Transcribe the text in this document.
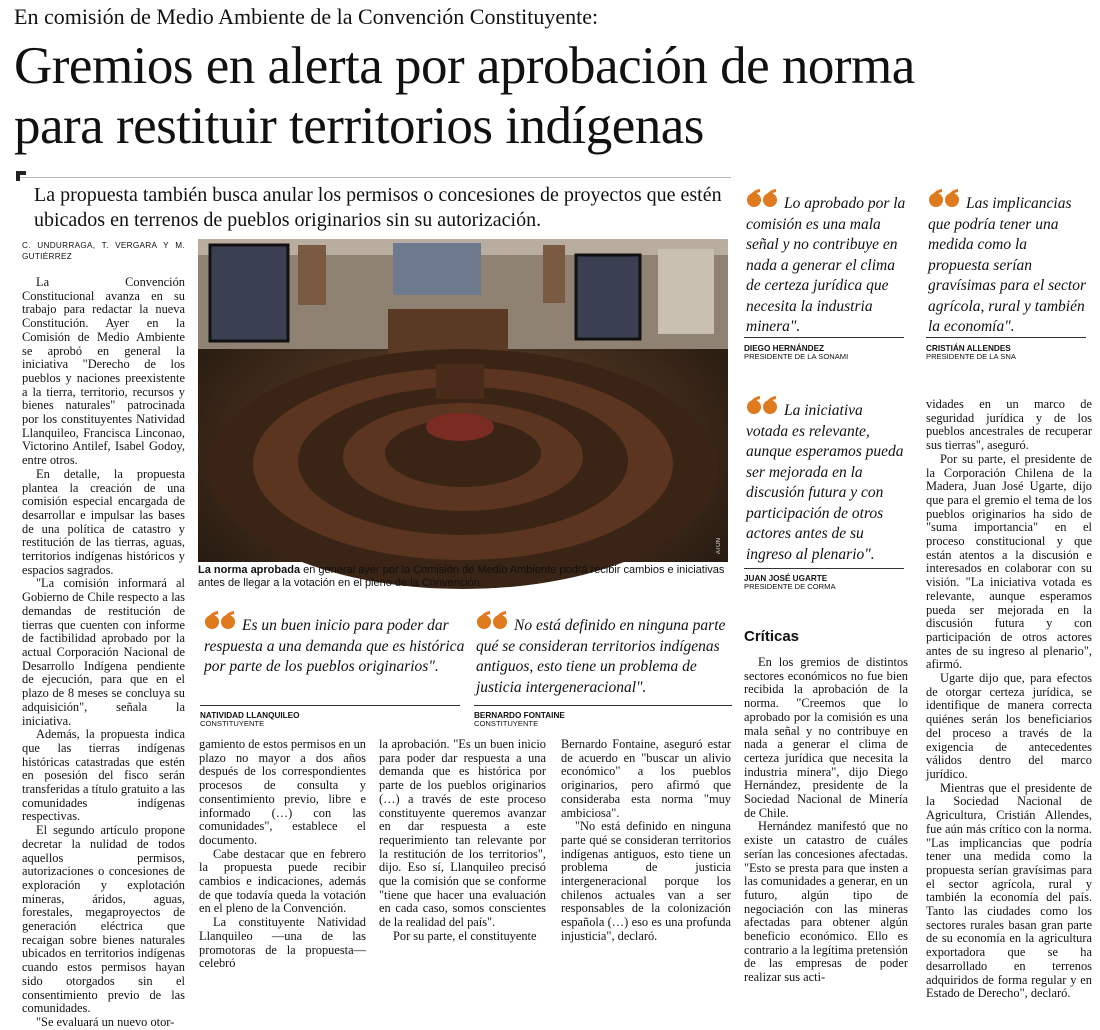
En comisión de Medio Ambiente de la Convención Constituyente:
Gremios en alerta por aprobación de norma
para restituir territorios indígenas
La propuesta también busca anular los permisos o concesiones de proyectos que estén ubicados en terrenos de pueblos originarios sin su autorización.
C. UNDURRAGA, T. VERGARA Y M. GUTIÉRREZ

La Convención Constitucional avanza en su trabajo para redactar la nueva Constitución. Ayer en la Comisión de Medio Ambiente se aprobó en general la iniciativa "Derecho de los pueblos y naciones preexistente a la tierra, territorio, recursos y bienes naturales" patrocinada por los constituyentes Natividad Llanquileo, Francisca Linconao, Victorino Antilef, Isabel Godoy, entre otros.

En detalle, la propuesta plantea la creación de una comisión especial encargada de desarrollar e impulsar las bases de una política de catastro y restitución de las tierras, aguas, territorios indígenas históricos y espacios sagrados.

"La comisión informará al Gobierno de Chile respecto a las demandas de restitución de tierras que cuenten con informe de factibilidad aprobado por la actual Corporación Nacional de Desarrollo Indígena pendiente de ejecución, para que en el plazo de 8 meses se concluya su adquisición", señala la iniciativa.

Además, la propuesta indica que las tierras indígenas históricas catastradas que estén en posesión del fisco serán transferidas a título gratuito a las comunidades indígenas respectivas.

El segundo artículo propone decretar la nulidad de todos aquellos permisos, autorizaciones o concesiones de exploración y explotación mineras, áridos, aguas, forestales, megaproyectos de generación eléctrica que recaigan sobre bienes naturales ubicados en territorios indígenas cuando estos permisos hayan sido otorgados sin el consentimiento previo de las comunidades.

"Se evaluará un nuevo otor-

ATON
La norma aprobada en general ayer por la Comisión de Medio Ambiente podrá recibir cambios e iniciativas antes de llegar a la votación en el pleno de la Convención.
Es un buen inicio para poder dar respuesta a una demanda que es histórica por parte de los pueblos originarios".
NATIVIDAD LLANQUILEO
CONSTITUYENTE
No está definido en ninguna parte qué se consideran territorios indígenas antiguos, esto tiene un problema de justicia intergeneracional".
BERNARDO FONTAINE
CONSTITUYENTE

gamiento de estos permisos en un plazo no mayor a dos años después de los correspondientes procesos de consulta y consentimiento previo, libre e informado (…) con las comunidades", establece el documento.

Cabe destacar que en febrero la propuesta puede recibir cambios e indicaciones, además de que todavía queda la votación en el pleno de la Convención.

La constituyente Natividad Llanquileo —una de las promotoras de la propuesta— celebró

la aprobación. "Es un buen inicio para poder dar respuesta a una demanda que es histórica por parte de los pueblos originarios (…) a través de este proceso constituyente queremos avanzar en dar respuesta a este requerimiento tan relevante por la restitución de los territorios", dijo. Eso sí, Llanquileo precisó que la comisión que se conforme "tiene que hacer una evaluación en cada caso, somos conscientes de la realidad del país".

Por su parte, el constituyente

Bernardo Fontaine, aseguró estar de acuerdo en "buscar un alivio económico" a los pueblos originarios, pero afirmó que consideraba esta norma "muy ambiciosa".

"No está definido en ninguna parte qué se consideran territorios indígenas antiguos, esto tiene un problema de justicia intergeneracional porque los chilenos actuales van a ser responsables de la colonización española (…) eso es una profunda injusticia", declaró.

Lo aprobado por la comisión es una mala señal y no contribuye en nada a generar el clima de certeza jurídica que necesita la industria minera".
DIEGO HERNÁNDEZ
PRESIDENTE DE LA SONAMI
Las implicancias que podría tener una medida como la propuesta serían gravísimas para el sector agrícola, rural y también la economía".
CRISTIÁN ALLENDES
PRESIDENTE DE LA SNA
La iniciativa votada es relevante, aunque esperamos pueda ser mejorada en la discusión futura y con participación de otros actores antes de su ingreso al plenario".
JUAN JOSÉ UGARTE
PRESIDENTE DE CORMA
Críticas

En los gremios de distintos sectores económicos no fue bien recibida la aprobación de la norma. "Creemos que lo aprobado por la comisión es una mala señal y no contribuye en nada a generar el clima de certeza jurídica que necesita la industria minera", dijo Diego Hernández, presidente de la Sociedad Nacional de Minería de Chile.

Hernández manifestó que no existe un catastro de cuáles serían las concesiones afectadas. "Esto se presta para que insten a las comunidades a generar, en un futuro, algún tipo de negociación con las mineras afectadas para obtener algún beneficio económico. Ello es contrario a la legítima pretensión de las empresas de poder realizar sus acti-

vidades en un marco de seguridad jurídica y de los pueblos ancestrales de recuperar sus tierras", aseguró.

Por su parte, el presidente de la Corporación Chilena de la Madera, Juan José Ugarte, dijo que para el gremio el tema de los pueblos originarios ha sido de "suma importancia" en el proceso constitucional y que están atentos a la discusión e interesados en colaborar con su visión. "La iniciativa votada es relevante, aunque esperamos pueda ser mejorada en la discusión futura y con participación de otros actores antes de su ingreso al plenario", afirmó.

Ugarte dijo que, para efectos de otorgar certeza jurídica, se identifique de manera correcta quiénes serán los beneficiarios del proceso a través de la exigencia de antecedentes válidos dentro del marco jurídico.

Mientras que el presidente de la Sociedad Nacional de Agricultura, Cristián Allendes, fue aún más crítico con la norma. "Las implicancias que podría tener una medida como la propuesta serían gravísimas para el sector agrícola, rural y también la economía del país. Tanto las ciudades como los sectores rurales basan gran parte de su economía en la agricultura exportadora que se ha desarrollado en terrenos adquiridos de forma regular y en Estado de Derecho", declaró.
